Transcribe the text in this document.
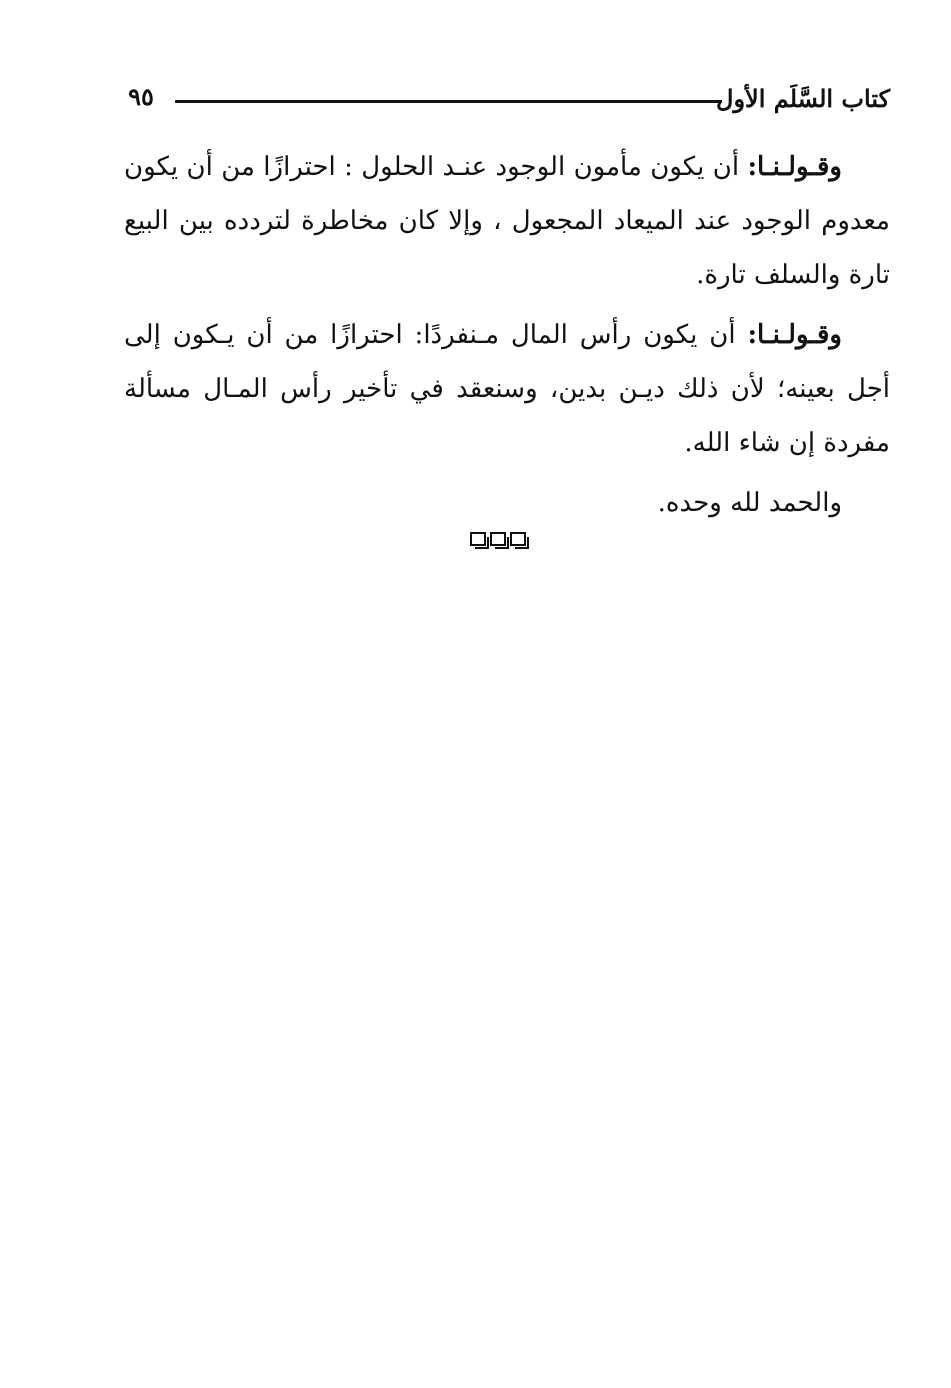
كتاب السَّلَم الأول
٩٥

وقـولـنـا: أن يكون مأمون الوجود عنـد الحلول : احترازًا من أن يكون معدوم الوجود عند الميعاد المجعول ، وإلا كان مخاطرة لتردده بين البيع تارة والسلف تارة.

وقـولـنـا: أن يكون رأس المال مـنفردًا: احترازًا من أن يـكون إلى أجل بعينه؛ لأن ذلك ديـن بدين، وسنعقد في تأخير رأس المـال مسألة مفردة إن شاء الله.

والحمد لله وحده.
